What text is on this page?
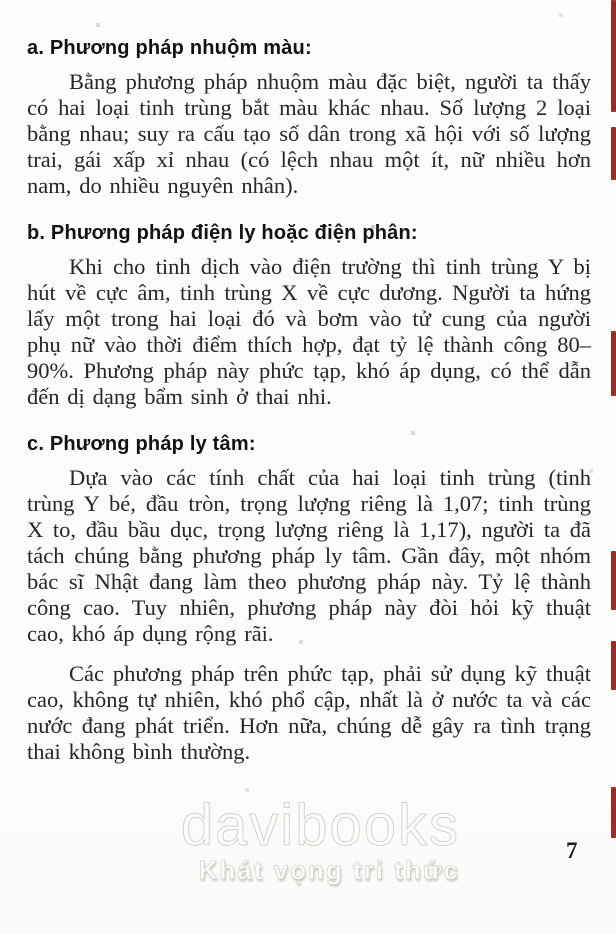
a. Phương pháp nhuộm màu:

Bằng phương pháp nhuộm màu đặc biệt, người ta thấy có hai loại tinh trùng bắt màu khác nhau. Số lượng 2 loại bằng nhau; suy ra cấu tạo số dân trong xã hội với số lượng trai, gái xấp xỉ nhau (có lệch nhau một ít, nữ nhiều hơn nam, do nhiều nguyên nhân).

b. Phương pháp điện ly hoặc điện phân:

Khi cho tinh dịch vào điện trường thì tinh trùng Y bị hút về cực âm, tinh trùng X về cực dương. Người ta hứng lấy một trong hai loại đó và bơm vào tử cung của người phụ nữ vào thời điểm thích hợp, đạt tỷ lệ thành công 80–90%. Phương pháp này phức tạp, khó áp dụng, có thể dẫn đến dị dạng bẩm sinh ở thai nhi.

c. Phương pháp ly tâm:

Dựa vào các tính chất của hai loại tinh trùng (tinh trùng Y bé, đầu tròn, trọng lượng riêng là 1,07; tinh trùng X to, đầu bầu dục, trọng lượng riêng là 1,17), người ta đã tách chúng bằng phương pháp ly tâm. Gần đây, một nhóm bác sĩ Nhật đang làm theo phương pháp này. Tỷ lệ thành công cao. Tuy nhiên, phương pháp này đòi hỏi kỹ thuật cao, khó áp dụng rộng rãi.

Các phương pháp trên phức tạp, phải sử dụng kỹ thuật cao, không tự nhiên, khó phổ cập, nhất là ở nước ta và các nước đang phát triển. Hơn nữa, chúng dễ gây ra tình trạng thai không bình thường.

davibooks
Khát vọng tri thức
7
